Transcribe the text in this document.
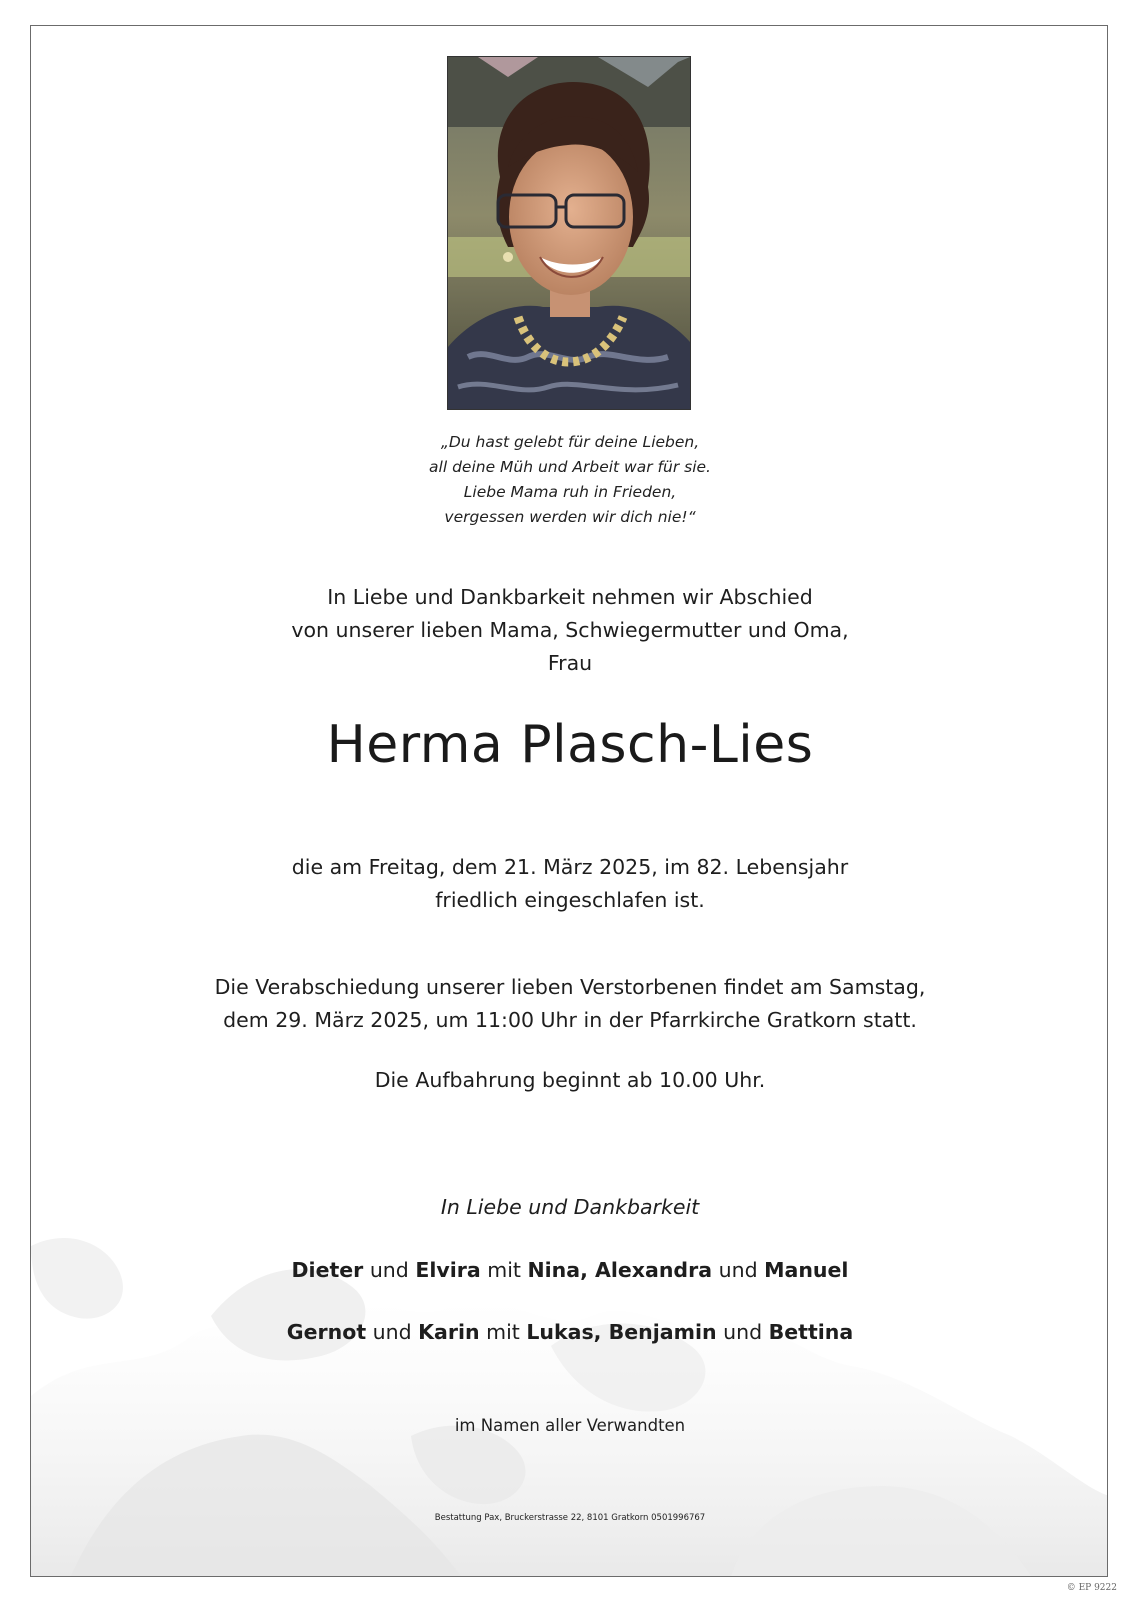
„Du hast gelebt für deine Lieben,
all deine Müh und Arbeit war für sie.
Liebe Mama ruh in Frieden,
vergessen werden wir dich nie!“
In Liebe und Dankbarkeit nehmen wir Abschied
von unserer lieben Mama, Schwiegermutter und Oma,
Frau
Herma Plasch-Lies
die am Freitag, dem 21. März 2025, im 82. Lebensjahr
friedlich eingeschlafen ist.
Die Verabschiedung unserer lieben Verstorbenen findet am Samstag,
dem 29. März 2025, um 11:00 Uhr in der Pfarrkirche Gratkorn statt.
Die Aufbahrung beginnt ab 10.00 Uhr.
In Liebe und Dankbarkeit
Dieter und Elvira mit Nina, Alexandra und Manuel
Gernot und Karin mit Lukas, Benjamin und Bettina
im Namen aller Verwandten
Bestattung Pax, Bruckerstrasse 22, 8101 Gratkorn 0501996767
© EP 9222
